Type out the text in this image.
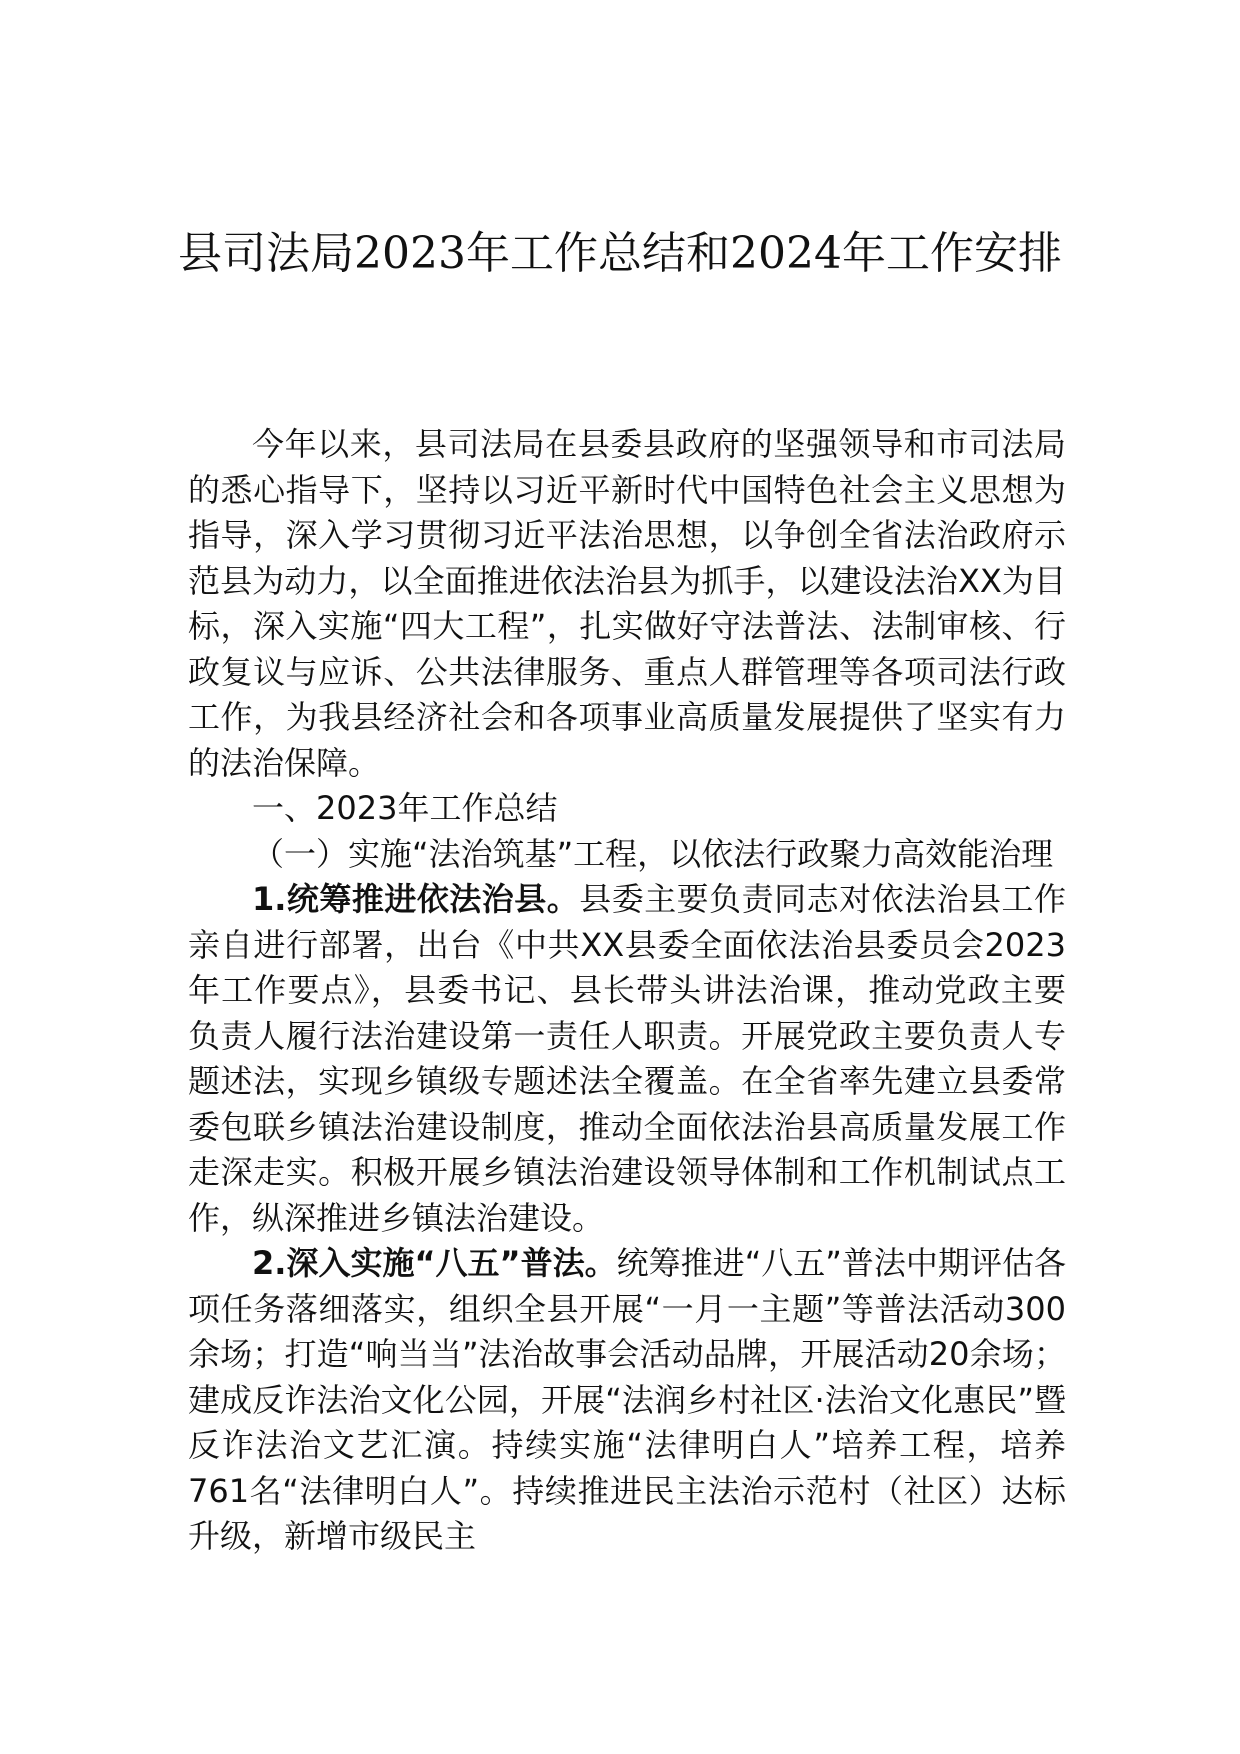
县司法局2023年工作总结和2024年工作安排

今年以来，县司法局在县委县政府的坚强领导和市司法局的悉心指导下，坚持以习近平新时代中国特色社会主义思想为指导，深入学习贯彻习近平法治思想，以争创全省法治政府示范县为动力，以全面推进依法治县为抓手，以建设法治XX为目标，深入实施“四大工程”，扎实做好守法普法、法制审核、行政复议与应诉、公共法律服务、重点人群管理等各项司法行政工作，为我县经济社会和各项事业高质量发展提供了坚实有力的法治保障。

一、2023年工作总结

（一）实施“法治筑基”工程，以依法行政聚力高效能治理

1.统筹推进依法治县。县委主要负责同志对依法治县工作亲自进行部署，出台《中共XX县委全面依法治县委员会2023年工作要点》，县委书记、县长带头讲法治课，推动党政主要负责人履行法治建设第一责任人职责。开展党政主要负责人专题述法，实现乡镇级专题述法全覆盖。在全省率先建立县委常委包联乡镇法治建设制度，推动全面依法治县高质量发展工作走深走实。积极开展乡镇法治建设领导体制和工作机制试点工作，纵深推进乡镇法治建设。

2.深入实施“八五”普法。统筹推进“八五”普法中期评估各项任务落细落实，组织全县开展“一月一主题”等普法活动300余场；打造“响当当”法治故事会活动品牌，开展活动20余场；建成反诈法治文化公园，开展“法润乡村社区·法治文化惠民”暨反诈法治文艺汇演。持续实施“法律明白人”培养工程，培养761名“法律明白人”。持续推进民主法治示范村（社区）达标升级，新增市级民主
